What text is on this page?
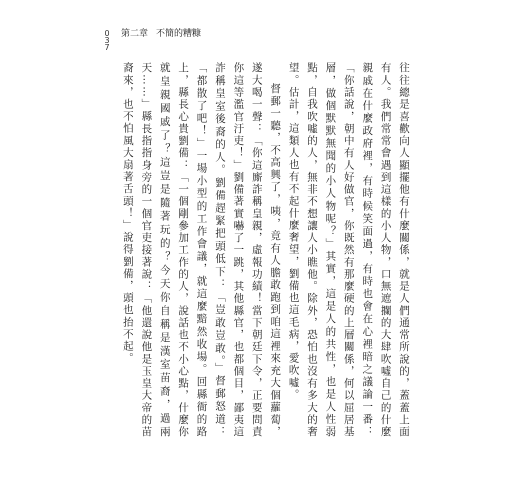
0
3
7
第二章 不簡的糟糠

往往總是喜歡向人顯擺他有什麼關係，就是人們通常所說的，蓋蓋上面有人。我們常常會遇到這樣的小人物，口無遮攔的大肆吹噓自己的什麼親戚在什麼政府裡，有時候笑面過，有時也會在心裡暗之議論一番：「你話說，朝中有人好做官，你既然有那麼硬的上層關係，何以屈居基層，做個默默無聞的小人物呢？」其實，這是人的共性，也是人性弱點，自我吹噓的人，無非不想讓人小瞧他。除外，恐怕也沒有多大的奢望。估計，這類人也有不起什麼奢望，劉備也這毛病，愛吹噓。

督郵一聽，不高興了，咦，竟有人膽敢跑到咱這裡來充大個蘿蔔，遂大喝一聲：「你這廝詐稱皇親，虛報功績！當下朝廷下令，正要問責你這等濫官汙吏！」劉備著實嚇了一跳，其他縣官，也都個目，鄙夷這詐稱皇室後裔的人。劉備趕緊把頭低下：「豈敢豈敢。」督郵怒道：「都散了吧！」一場小型的工作會議，就這麼黯然收場。回縣衙的路上，縣長心貴劉備：「一個剛參加工作的人，說話也不小心點，什麼你就皇親國戚了？這豈是隨著玩的？今天你自稱是漢室苗裔，過兩天……」縣長指指身旁的一個官吏接著說：「他還說他是玉皇大帝的苗裔來，也不怕風大扇著舌頭！」說得劉備，頭也抬不起。
